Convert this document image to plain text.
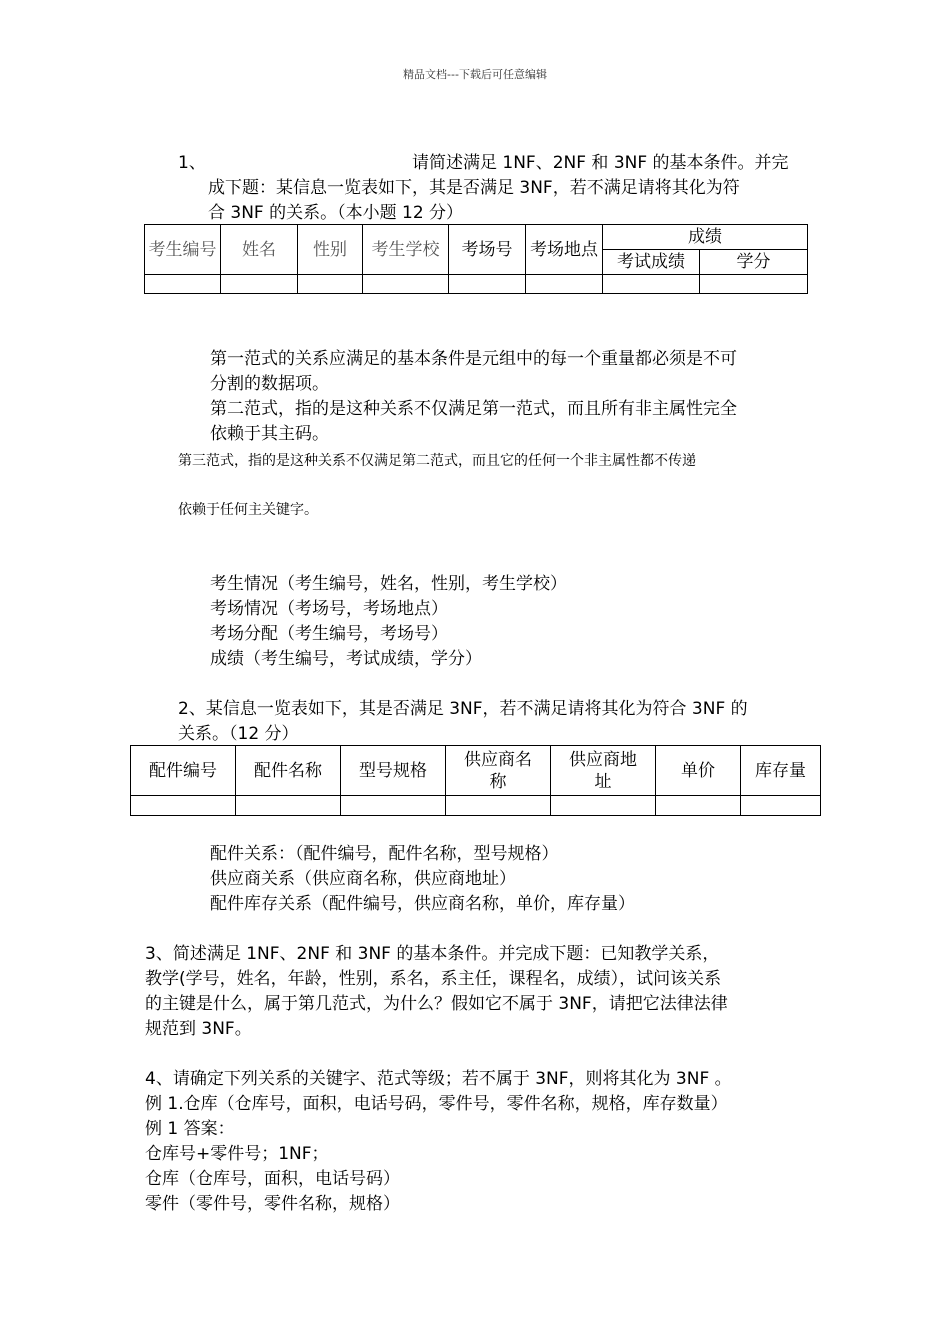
精品文档---下载后可任意编辑
1、	请简述满足 1NF、2NF 和 3NF 的基本条件。并完
成下题：某信息一览表如下，其是否满足 3NF，若不满足请将其化为符
合 3NF 的关系。（本小题 12 分）
考生编号	姓名	性别	考生学校	考场号	考场地点	成绩	
						考试成绩	学分

第一范式的关系应满足的基本条件是元组中的每一个重量都必须是不可
分割的数据项。
第二范式，指的是这种关系不仅满足第一范式，而且所有非主属性完全
依赖于其主码。
第三范式，指的是这种关系不仅满足第二范式，而且它的任何一个非主属性都不传递
依赖于任何主关键字。
考生情况（考生编号，姓名，性别，考生学校）
考场情况（考场号，考场地点）
考场分配（考生编号，考场号）
成绩（考生编号，考试成绩，学分）
2、某信息一览表如下，其是否满足 3NF，若不满足请将其化为符合 3NF 的
关系。（12 分）
配件编号	配件名称	型号规格	供应商名称	供应商地址	单价	库存量

配件关系：（配件编号，配件名称，型号规格）
供应商关系（供应商名称，供应商地址）
配件库存关系（配件编号，供应商名称，单价，库存量）
3、简述满足 1NF、2NF 和 3NF 的基本条件。并完成下题：已知教学关系，
教学(学号，姓名，年龄，性别，系名，系主任，课程名，成绩），试问该关系
的主键是什么，属于第几范式，为什么？假如它不属于 3NF，请把它法律法律
规范到 3NF。
4、请确定下列关系的关键字、范式等级；若不属于 3NF，则将其化为 3NF 。
例 1.仓库（仓库号，面积，电话号码，零件号，零件名称，规格，库存数量）
例 1 答案：
仓库号+零件号；1NF；
仓库（仓库号，面积，电话号码）
零件（零件号，零件名称，规格）
